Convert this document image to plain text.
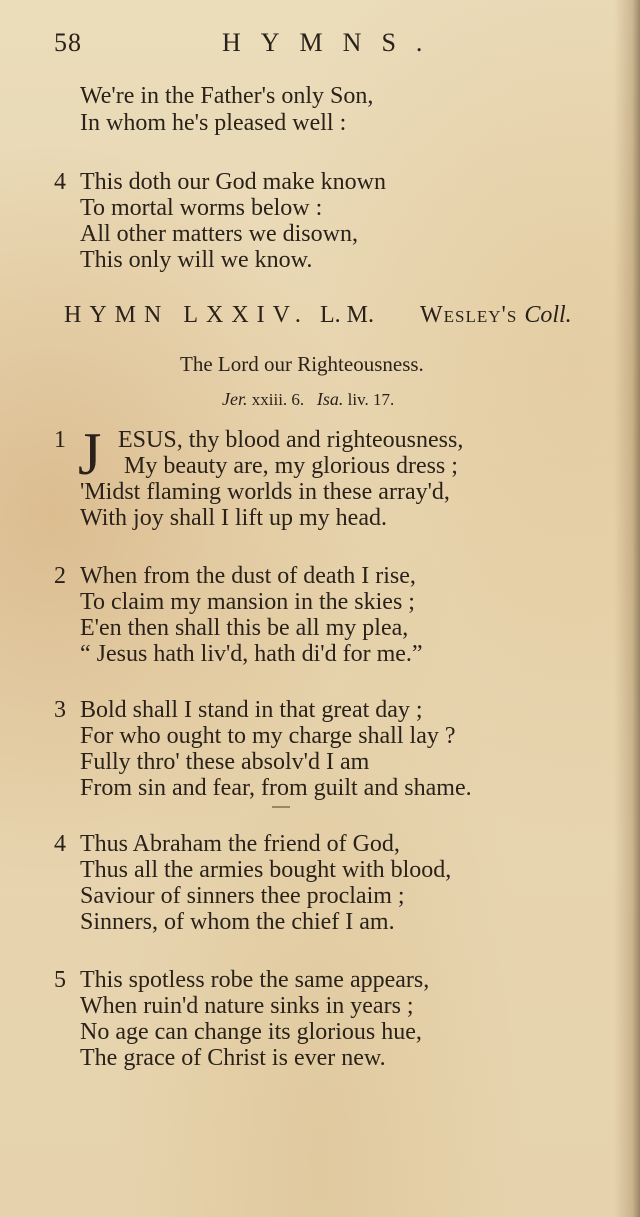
58	HYMNS.
We're in the Father's only Son,
In whom he's pleased well :
4 This doth our God make known
To mortal worms below :
All other matters we disown,
This only will we know.
HYMN LXXIV. L. M. Wesley's Coll.
The Lord our Righteousness.
Jer. xxiii. 6. Isa. liv. 17.
1 J ESUS, thy blood and righteousness,
My beauty are, my glorious dress ;
'Midst flaming worlds in these array'd,
With joy shall I lift up my head.
2 When from the dust of death I rise,
To claim my mansion in the skies ;
E'en then shall this be all my plea,
“ Jesus hath liv'd, hath di'd for me.”
3 Bold shall I stand in that great day ;
For who ought to my charge shall lay ?
Fully thro' these absolv'd I am
From sin and fear, from guilt and shame.
4 Thus Abraham the friend of God,
Thus all the armies bought with blood,
Saviour of sinners thee proclaim ;
Sinners, of whom the chief I am.
5 This spotless robe the same appears,
When ruin'd nature sinks in years ;
No age can change its glorious hue,
The grace of Christ is ever new.
